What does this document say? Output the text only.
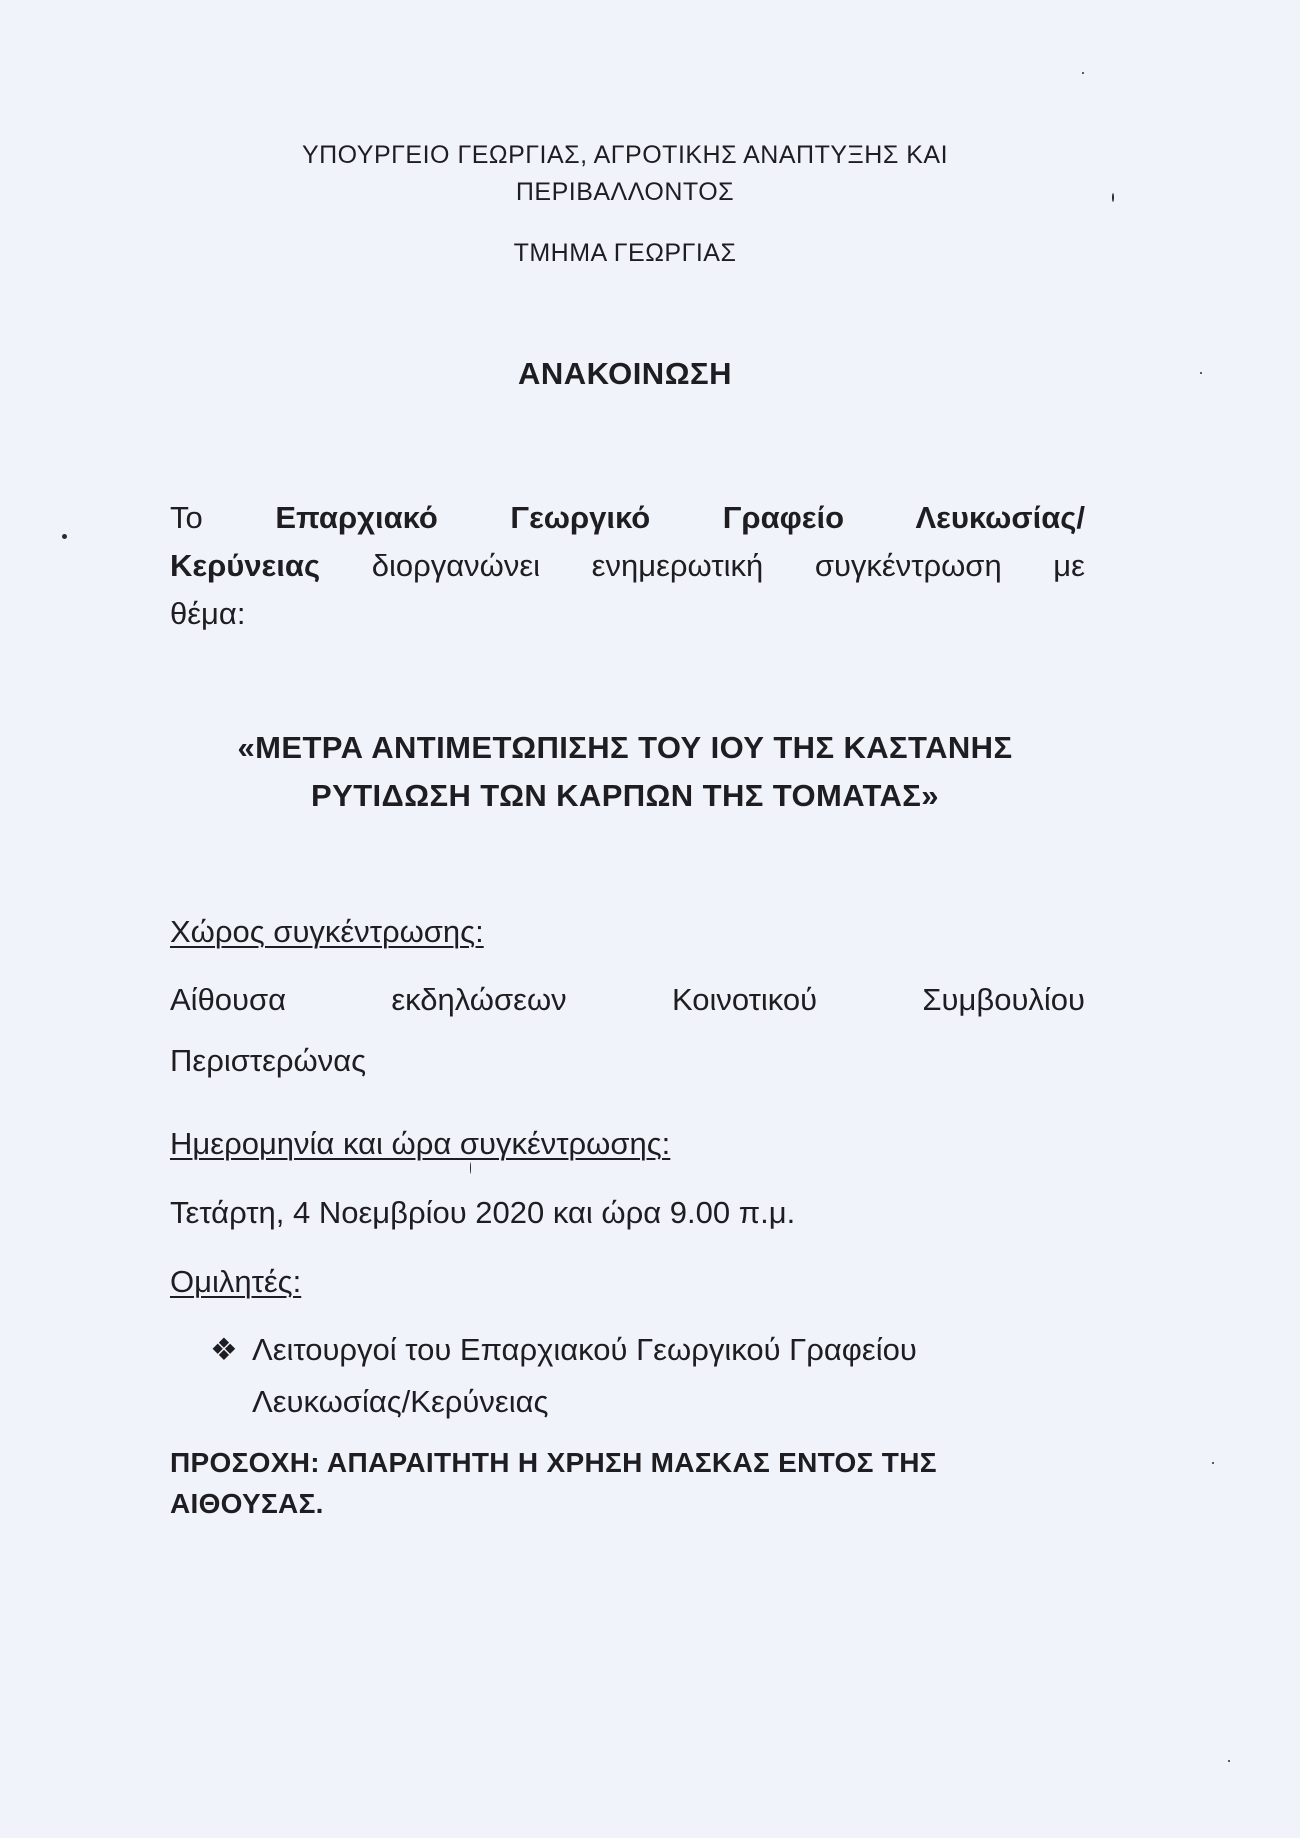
ΥΠΟΥΡΓΕΙΟ ΓΕΩΡΓΙΑΣ, ΑΓΡΟΤΙΚΗΣ ΑΝΑΠΤΥΞΗΣ ΚΑΙ
ΠΕΡΙΒΑΛΛΟΝΤΟΣ
ΤΜΗΜΑ ΓΕΩΡΓΙΑΣ
ΑΝΑΚΟΙΝΩΣΗ
Το Επαρχιακό Γεωργικό Γραφείο Λευκωσίας/
Κερύνειας διοργανώνει ενημερωτική συγκέντρωση με
θέμα:
«ΜΕΤΡΑ ΑΝΤΙΜΕΤΩΠΙΣΗΣ ΤΟΥ ΙΟΥ ΤΗΣ ΚΑΣΤΑΝΗΣ
ΡΥΤΙΔΩΣΗ ΤΩΝ ΚΑΡΠΩΝ ΤΗΣ ΤΟΜΑΤΑΣ»
Χώρος συγκέντρωσης:
Αίθουσα	εκδηλώσεων	Κοινοτικού	Συμβουλίου
Περιστερώνας
Ημερομηνία και ώρα συγκέντρωσης:
Τετάρτη, 4 Νοεμβρίου 2020 και ώρα 9.00 π.μ.
Ομιλητές:
❖ Λειτουργοί του Επαρχιακού Γεωργικού Γραφείου
Λευκωσίας/Κερύνειας
ΠΡΟΣΟΧΗ: ΑΠΑΡΑΙΤΗΤΗ Η ΧΡΗΣΗ ΜΑΣΚΑΣ ΕΝΤΟΣ ΤΗΣ
ΑΙΘΟΥΣΑΣ.
